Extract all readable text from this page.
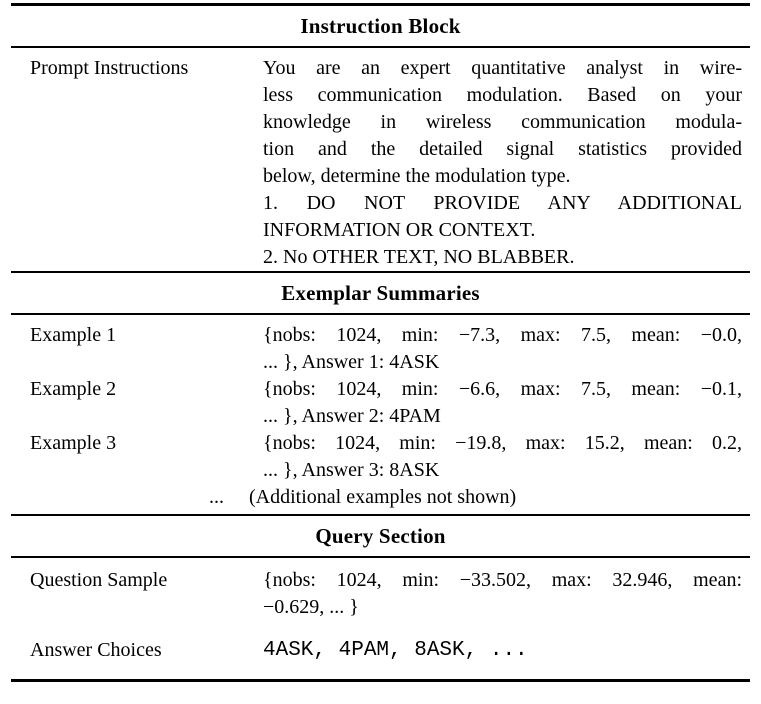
Instruction Block
Prompt Instructions	You are an expert quantitative analyst in wire-
less communication modulation. Based on your
knowledge in wireless communication modula-
tion and the detailed signal statistics provided
below, determine the modulation type.
1. DO NOT PROVIDE ANY ADDITIONAL
INFORMATION OR CONTEXT.
2. No OTHER TEXT, NO BLABBER.
Exemplar Summaries
Example 1	{nobs: 1024, min: −7.3, max: 7.5, mean: −0.0,
... }, Answer 1: 4ASK
Example 2	{nobs: 1024, min: −6.6, max: 7.5, mean: −0.1,
... }, Answer 2: 4PAM
Example 3	{nobs: 1024, min: −19.8, max: 15.2, mean: 0.2,
... }, Answer 3: 8ASK
...	(Additional examples not shown)
Query Section
Question Sample	{nobs: 1024, min: −33.502, max: 32.946, mean:
−0.629, ... }
Answer Choices	4ASK, 4PAM, 8ASK, ...
